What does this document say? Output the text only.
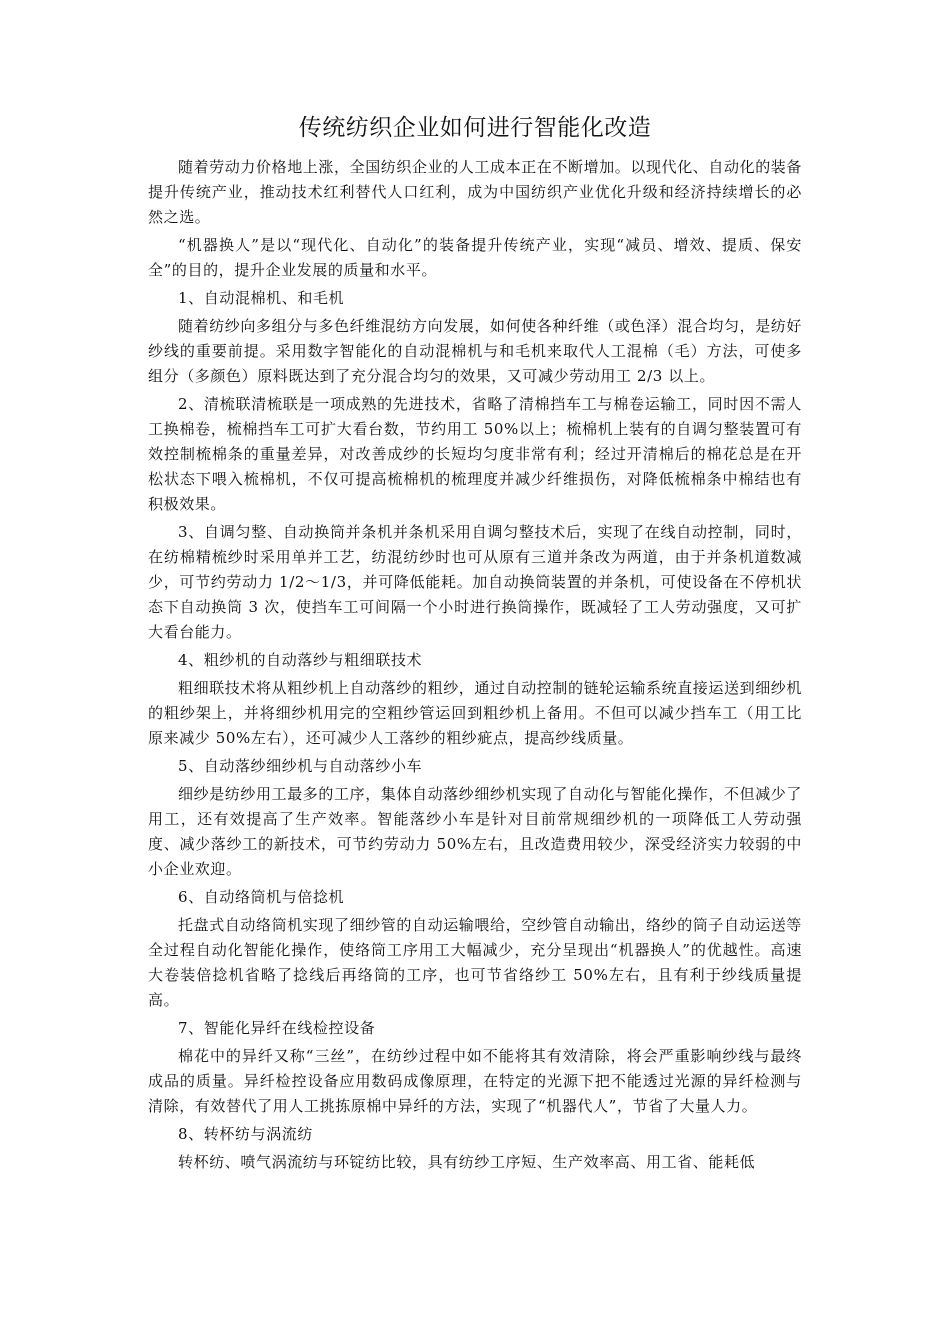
传统纺织企业如何进行智能化改造

随着劳动力价格地上涨，全国纺织企业的人工成本正在不断增加。以现代化、自动化的装备提升传统产业，推动技术红利替代人口红利，成为中国纺织产业优化升级和经济持续增长的必然之选。

“机器换人”是以“现代化、自动化”的装备提升传统产业，实现“减员、增效、提质、保安全”的目的，提升企业发展的质量和水平。

1、自动混棉机、和毛机

随着纺纱向多组分与多色纤维混纺方向发展，如何使各种纤维（或色泽）混合均匀，是纺好纱线的重要前提。采用数字智能化的自动混棉机与和毛机来取代人工混棉（毛）方法，可使多组分（多颜色）原料既达到了充分混合均匀的效果，又可减少劳动用工 2/3 以上。

2、清梳联清梳联是一项成熟的先进技术，省略了清棉挡车工与棉卷运输工，同时因不需人工换棉卷，梳棉挡车工可扩大看台数，节约用工 50%以上；梳棉机上装有的自调匀整装置可有效控制梳棉条的重量差异，对改善成纱的长短均匀度非常有利；经过开清棉后的棉花总是在开松状态下喂入梳棉机，不仅可提高梳棉机的梳理度并减少纤维损伤，对降低梳棉条中棉结也有积极效果。

3、自调匀整、自动换筒并条机并条机采用自调匀整技术后，实现了在线自动控制，同时，在纺棉精梳纱时采用单并工艺，纺混纺纱时也可从原有三道并条改为两道，由于并条机道数减少，可节约劳动力 1/2～1/3，并可降低能耗。加自动换筒装置的并条机，可使设备在不停机状态下自动换筒 3 次，使挡车工可间隔一个小时进行换筒操作，既减轻了工人劳动强度，又可扩大看台能力。

4、粗纱机的自动落纱与粗细联技术

粗细联技术将从粗纱机上自动落纱的粗纱，通过自动控制的链轮运输系统直接运送到细纱机的粗纱架上，并将细纱机用完的空粗纱管运回到粗纱机上备用。不但可以减少挡车工（用工比原来减少 50%左右），还可减少人工落纱的粗纱疵点，提高纱线质量。

5、自动落纱细纱机与自动落纱小车

细纱是纺纱用工最多的工序，集体自动落纱细纱机实现了自动化与智能化操作，不但减少了用工，还有效提高了生产效率。智能落纱小车是针对目前常规细纱机的一项降低工人劳动强度、减少落纱工的新技术，可节约劳动力 50%左右，且改造费用较少，深受经济实力较弱的中小企业欢迎。

6、自动络筒机与倍捻机

托盘式自动络筒机实现了细纱管的自动运输喂给，空纱管自动输出，络纱的筒子自动运送等全过程自动化智能化操作，使络筒工序用工大幅减少，充分呈现出“机器换人”的优越性。高速大卷装倍捻机省略了捻线后再络筒的工序，也可节省络纱工 50%左右，且有利于纱线质量提高。

7、智能化异纤在线检控设备

棉花中的异纤又称“三丝”，在纺纱过程中如不能将其有效清除，将会严重影响纱线与最终成品的质量。异纤检控设备应用数码成像原理，在特定的光源下把不能透过光源的异纤检测与清除，有效替代了用人工挑拣原棉中异纤的方法，实现了“机器代人”，节省了大量人力。

8、转杯纺与涡流纺

转杯纺、喷气涡流纺与环锭纺比较，具有纺纱工序短、生产效率高、用工省、能耗低
